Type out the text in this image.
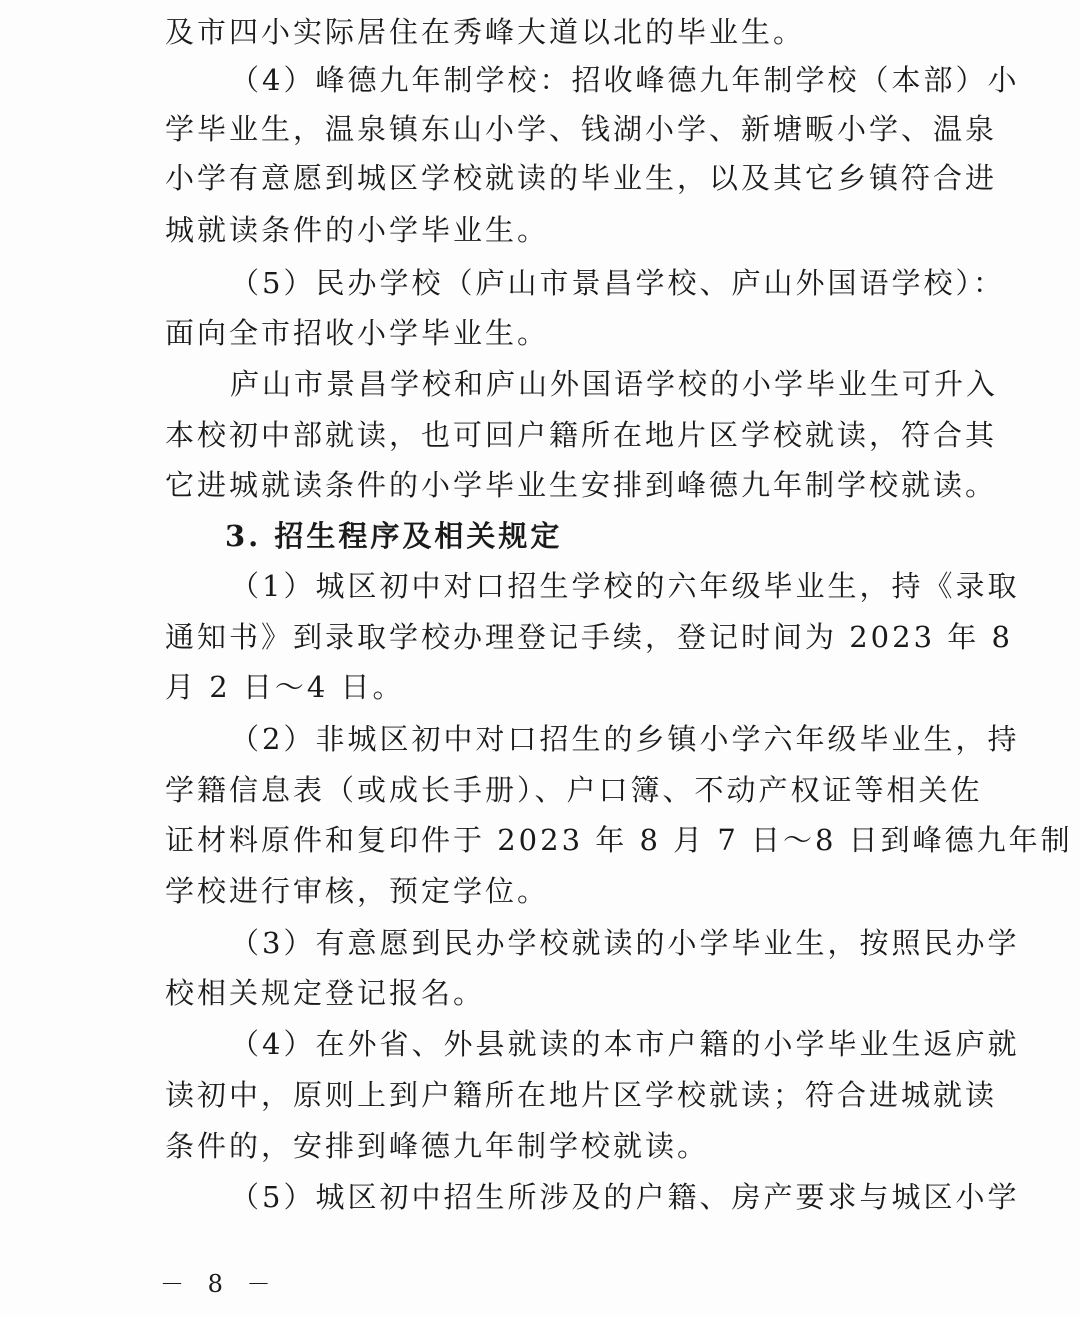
及市四小实际居住在秀峰大道以北的毕业生。
（4）峰德九年制学校：招收峰德九年制学校（本部）小
学毕业生，温泉镇东山小学、钱湖小学、新塘畈小学、温泉
小学有意愿到城区学校就读的毕业生，以及其它乡镇符合进
城就读条件的小学毕业生。
（5）民办学校（庐山市景昌学校、庐山外国语学校）：
面向全市招收小学毕业生。
庐山市景昌学校和庐山外国语学校的小学毕业生可升入
本校初中部就读，也可回户籍所在地片区学校就读，符合其
它进城就读条件的小学毕业生安排到峰德九年制学校就读。
3. 招生程序及相关规定
（1）城区初中对口招生学校的六年级毕业生，持《录取
通知书》到录取学校办理登记手续，登记时间为 2023 年 8
月 2 日～4 日。
（2）非城区初中对口招生的乡镇小学六年级毕业生，持
学籍信息表（或成长手册）、户口簿、不动产权证等相关佐
证材料原件和复印件于 2023 年 8 月 7 日～8 日到峰德九年制
学校进行审核，预定学位。
（3）有意愿到民办学校就读的小学毕业生，按照民办学
校相关规定登记报名。
（4）在外省、外县就读的本市户籍的小学毕业生返庐就
读初中，原则上到户籍所在地片区学校就读；符合进城就读
条件的，安排到峰德九年制学校就读。
（5）城区初中招生所涉及的户籍、房产要求与城区小学
－ 8 －
